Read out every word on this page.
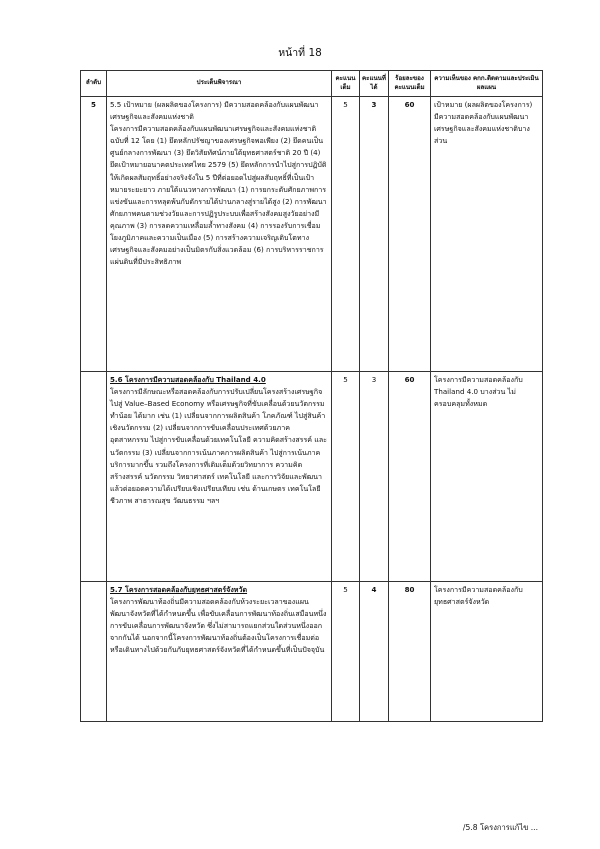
หน้าที่ 18
ลำดับ	ประเด็นพิจารณา	คะแนนเต็ม	คะแนนที่ได้	ร้อยละของคะแนนเต็ม	ความเห็นของ คกก.ติดตามและประเมินผลแผน
5	5.5 เป้าหมาย (ผลผลิตของโครงการ) มีความสอดคล้องกับแผนพัฒนาเศรษฐกิจและสังคมแห่งชาติ
โครงการมีความสอดคล้องกับแผนพัฒนาเศรษฐกิจและสังคมแห่งชาติ ฉบับที่ 12 โดย (1) ยึดหลักปรัชญาของเศรษฐกิจพอเพียง (2) ยึดคนเป็นศูนย์กลางการพัฒนา (3) ยึดวิสัยทัศน์ภายใต้ยุทธศาสตร์ชาติ 20 ปี (4) ยึดเป้าหมายอนาคตประเทศไทย 2579 (5) ยึดหลักการนำไปสู่การปฏิบัติให้เกิดผลสัมฤทธิ์อย่างจริงจังใน 5 ปีที่ต่อยอดไปสู่ผลสัมฤทธิ์ที่เป็นเป้าหมายระยะยาว ภายใต้แนวทางการพัฒนา (1) การยกระดับศักยภาพการแข่งขันและการหลุดพ้นกับดักรายได้ปานกลางสู่รายได้สูง (2) การพัฒนาศักยภาพคนตามช่วงวัยและการปฏิรูประบบเพื่อสร้างสังคมสูงวัยอย่างมีคุณภาพ (3) การลดความเหลื่อมล้ำทางสังคม (4) การรองรับการเชื่อมโยงภูมิภาคและความเป็นเมือง (5) การสร้างความเจริญเติบโตทางเศรษฐกิจและสังคมอย่างเป็นมิตรกับสิ่งแวดล้อม (6) การบริหารราชการแผ่นดินที่มีประสิทธิภาพ	5	3	60	เป้าหมาย (ผลผลิตของโครงการ) มีความสอดคล้องกับแผนพัฒนาเศรษฐกิจและสังคมแห่งชาติบางส่วน

	5.6 โครงการมีความสอดคล้องกับ Thailand 4.0
โครงการมีลักษณะหรือสอดคล้องกับการปรับเปลี่ยนโครงสร้างเศรษฐกิจ ไปสู่ Value–Based Economy หรือเศรษฐกิจที่ขับเคลื่อนด้วยนวัตกรรม ทำน้อย ได้มาก เช่น (1) เปลี่ยนจากการผลิตสินค้า โภคภัณฑ์ ไปสู่สินค้าเชิงนวัตกรรม (2) เปลี่ยนจากการขับเคลื่อนประเทศด้วยภาคอุตสาหกรรม ไปสู่การขับเคลื่อนด้วยเทคโนโลยี ความคิดสร้างสรรค์ และนวัตกรรม (3) เปลี่ยนจากการเน้นภาคการผลิตสินค้า ไปสู่การเน้นภาคบริการมากขึ้น รวมถึงโครงการที่เติมเต็มด้วยวิทยาการ ความคิดสร้างสรรค์ นวัตกรรม วิทยาศาสตร์ เทคโนโลยี และการวิจัยและพัฒนา แล้วต่อยอดความได้เปรียบเชิงเปรียบเทียบ เช่น ด้านเกษตร เทคโนโลยีชีวภาพ สาธารณสุข วัฒนธรรม ฯลฯ	5	3	60	โครงการมีความสอดคล้องกับ Thailand 4.0 บางส่วน ไม่ครอบคลุมทั้งหมด

	5.7 โครงการสอดคล้องกับยุทธศาสตร์จังหวัด
โครงการพัฒนาท้องถิ่นมีความสอดคล้องกับห้วงระยะเวลาของแผนพัฒนาจังหวัดที่ได้กำหนดขึ้น เพื่อขับเคลื่อนการพัฒนาท้องถิ่นเสมือนหนึ่งการขับเคลื่อนการพัฒนาจังหวัด ซึ่งไม่สามารถแยกส่วนใดส่วนหนึ่งออกจากกันได้ นอกจากนี้โครงการพัฒนาท้องถิ่นต้องเป็นโครงการเชื่อมต่อหรือเดินทางไปด้วยกันกับยุทธศาสตร์จังหวัดที่ได้กำหนดขึ้นที่เป็นปัจจุบัน	5	4	80	โครงการมีความสอดคล้องกับยุทธศาสตร์จังหวัด
/5.8 โครงการแก้ไข ...
